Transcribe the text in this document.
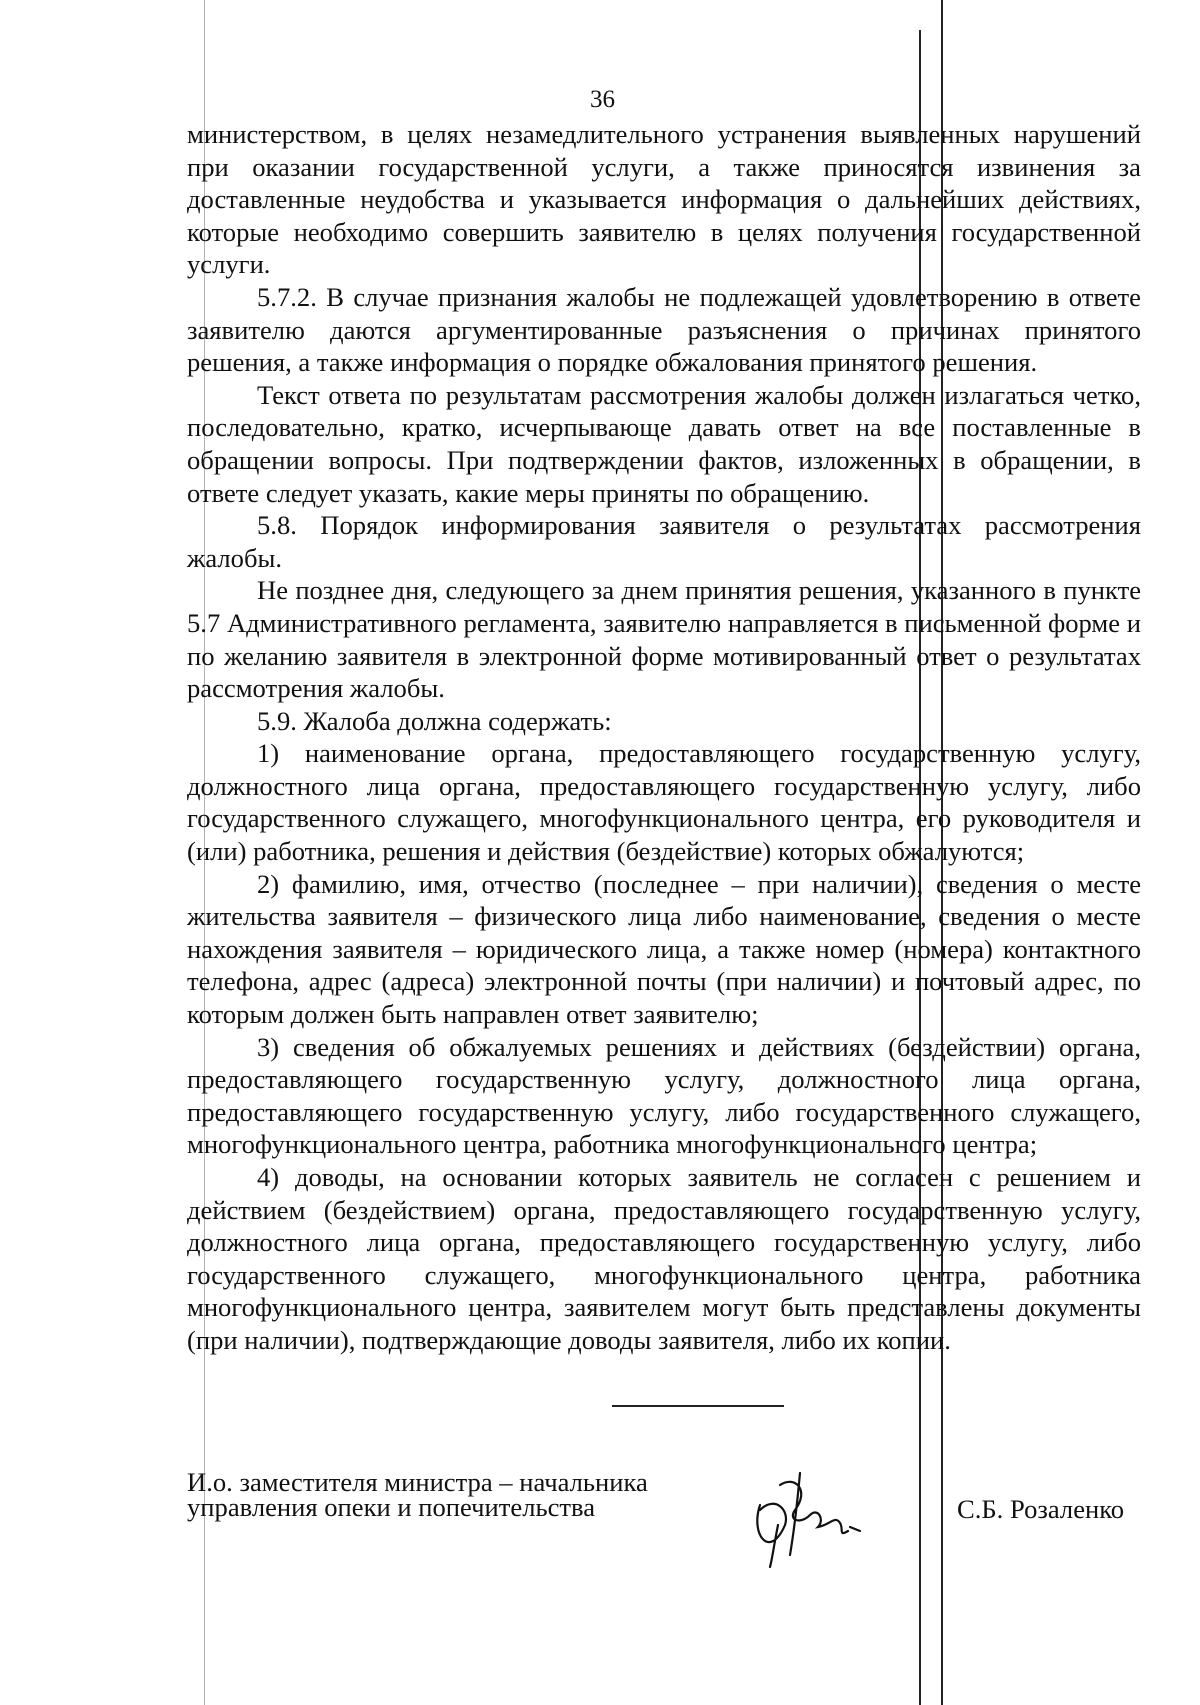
36

министерством, в целях незамедлительного устранения выявленных нарушений при оказании государственной услуги, а также приносятся извинения за доставленные неудобства и указывается информация о дальнейших действиях, которые необходимо совершить заявителю в целях получения государственной услуги.

5.7.2. В случае признания жалобы не подлежащей удовлетворению в ответе заявителю даются аргументированные разъяснения о причинах принятого решения, а также информация о порядке обжалования принятого решения.

Текст ответа по результатам рассмотрения жалобы должен излагаться четко, последовательно, кратко, исчерпывающе давать ответ на все поставленные в обращении вопросы. При подтверждении фактов, изложенных в обращении, в ответе следует указать, какие меры приняты по обращению.

5.8. Порядок информирования заявителя о результатах рассмотрения жалобы.

Не позднее дня, следующего за днем принятия решения, указанного в пункте 5.7 Административного регламента, заявителю направляется в письменной форме и по желанию заявителя в электронной форме мотивированный ответ о результатах рассмотрения жалобы.

5.9. Жалоба должна содержать:

1) наименование органа, предоставляющего государственную услугу, должностного лица органа, предоставляющего государственную услугу, либо государственного служащего, многофункционального центра, его руководителя и (или) работника, решения и действия (бездействие) которых обжалуются;

2) фамилию, имя, отчество (последнее – при наличии), сведения о месте жительства заявителя – физического лица либо наименование, сведения о месте нахождения заявителя – юридического лица, а также номер (номера) контактного телефона, адрес (адреса) электронной почты (при наличии) и почтовый адрес, по которым должен быть направлен ответ заявителю;

3) сведения об обжалуемых решениях и действиях (бездействии) органа, предоставляющего государственную услугу, должностного лица органа, предоставляющего государственную услугу, либо государственного служащего, многофункционального центра, работника многофункционального центра;

4) доводы, на основании которых заявитель не согласен с решением и действием (бездействием) органа, предоставляющего государственную услугу, должностного лица органа, предоставляющего государственную услугу, либо государственного служащего, многофункционального центра, работника многофункционального центра, заявителем могут быть представлены документы (при наличии), подтверждающие доводы заявителя, либо их копии.

И.о. заместителя министра – начальника
управления опеки и попечительства	С.Б. Розаленко
